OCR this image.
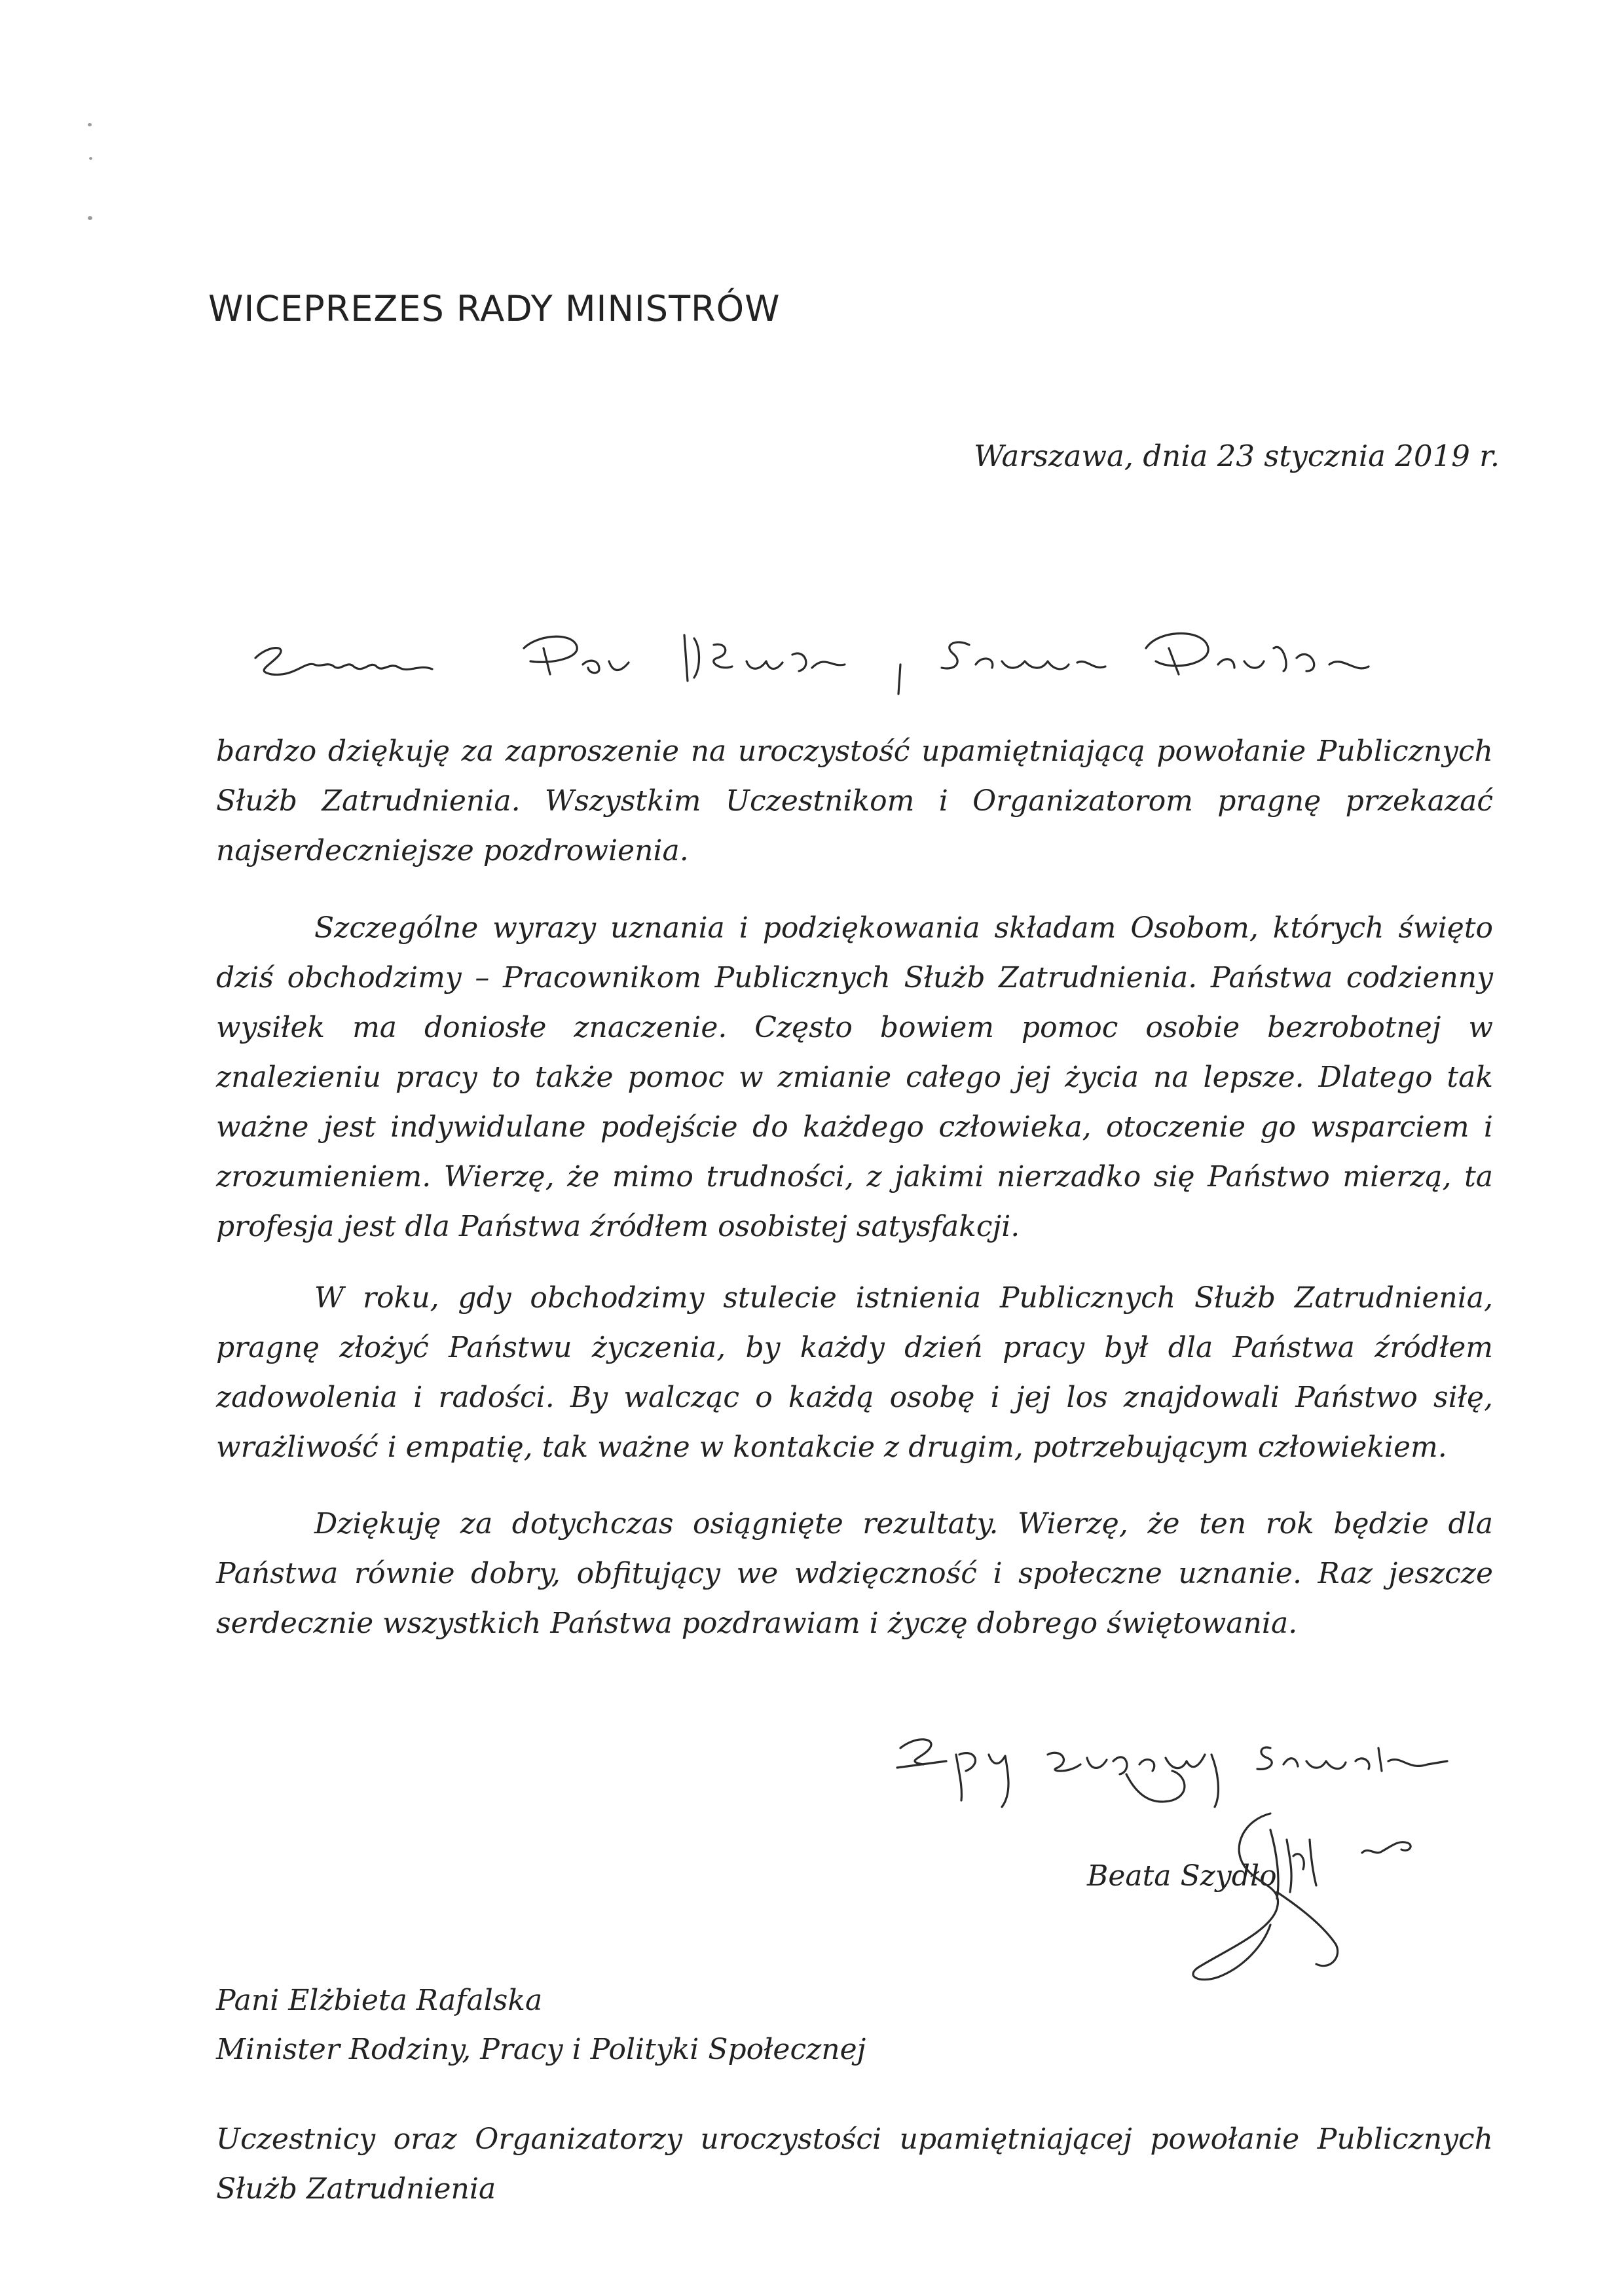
WICEPREZES RADY MINISTRÓW
Warszawa, dnia 23 stycznia 2019 r.
bardzo dziękuję za zaproszenie na uroczystość upamiętniającą powołanie Publicznych Służb Zatrudnienia. Wszystkim Uczestnikom i Organizatorom pragnę przekazać najserdeczniejsze pozdrowienia.
Szczególne wyrazy uznania i podziękowania składam Osobom, których święto dziś obchodzimy – Pracownikom Publicznych Służb Zatrudnienia. Państwa codzienny wysiłek ma doniosłe znaczenie. Często bowiem pomoc osobie bezrobotnej w znalezieniu pracy to także pomoc w zmianie całego jej życia na lepsze. Dlatego tak ważne jest indywidulane podejście do każdego człowieka, otoczenie go wsparciem i zrozumieniem. Wierzę, że mimo trudności, z jakimi nierzadko się Państwo mierzą, ta profesja jest dla Państwa źródłem osobistej satysfakcji.
W roku, gdy obchodzimy stulecie istnienia Publicznych Służb Zatrudnienia, pragnę złożyć Państwu życzenia, by każdy dzień pracy był dla Państwa źródłem zadowolenia i radości. By walcząc o każdą osobę i jej los znajdowali Państwo siłę, wrażliwość i empatię, tak ważne w kontakcie z drugim, potrzebującym człowiekiem.
Dziękuję za dotychczas osiągnięte rezultaty. Wierzę, że ten rok będzie dla Państwa równie dobry, obfitujący we wdzięczność i społeczne uznanie. Raz jeszcze serdecznie wszystkich Państwa pozdrawiam i życzę dobrego świętowania.
Beata Szydło
Pani Elżbieta Rafalska
Minister Rodziny, Pracy i Polityki Społecznej
Uczestnicy oraz Organizatorzy uroczystości upamiętniającej powołanie Publicznych Służb Zatrudnienia
